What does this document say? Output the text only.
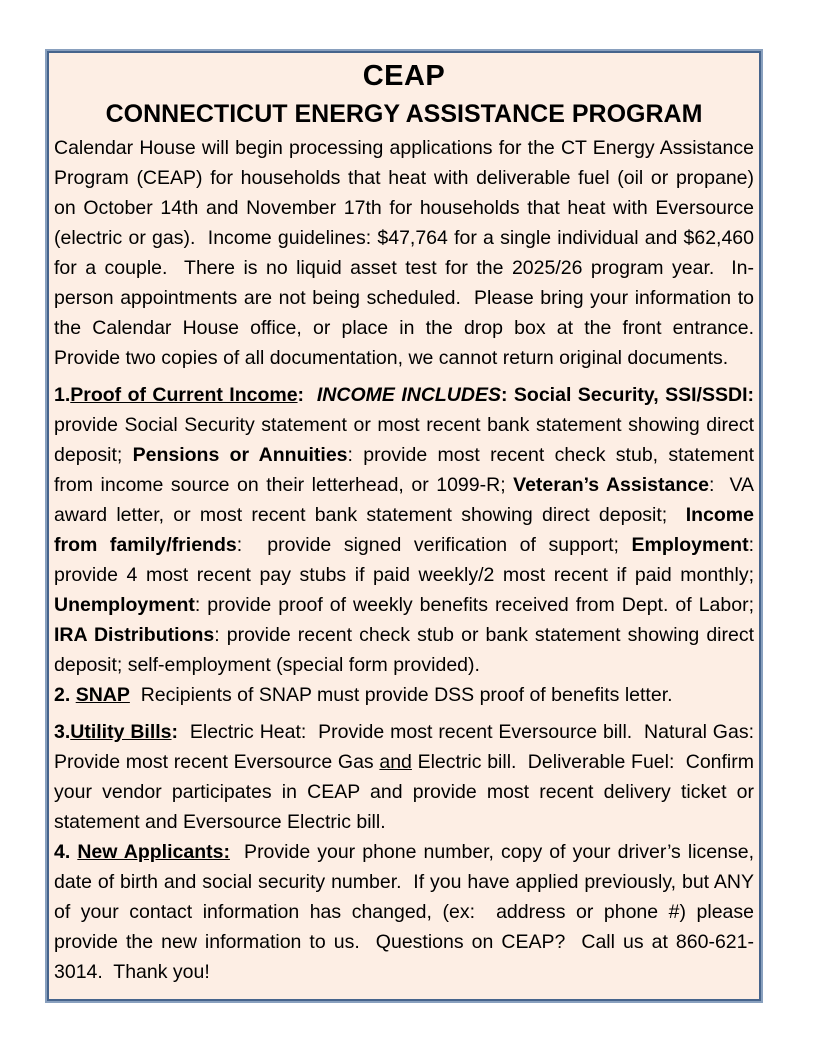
CEAP
CONNECTICUT ENERGY ASSISTANCE PROGRAM

Calendar House will begin processing applications for the CT Energy Assistance Program (CEAP) for households that heat with deliverable fuel (oil or propane) on October 14th and November 17th for households that heat with Eversource (electric or gas).  Income guidelines: $47,764 for a single individual and $62,460 for a couple.  There is no liquid asset test for the 2025/26 program year.  In-person appointments are not being scheduled.  Please bring your information to the Calendar House office, or place in the drop box at the front entrance.  Provide two copies of all documentation, we cannot return original documents.

1.Proof of Current Income:  INCOME INCLUDES: Social Security, SSI/SSDI: provide Social Security statement or most recent bank statement showing direct deposit; Pensions or Annuities: provide most recent check stub, statement from income source on their letterhead, or 1099-R; Veteran’s Assistance:  VA award letter, or most recent bank statement showing direct deposit;  Income from family/friends:  provide signed verification of support; Employment: provide 4 most recent pay stubs if paid weekly/2 most recent if paid monthly; Unemployment: provide proof of weekly benefits received from Dept. of Labor; IRA Distributions: provide recent check stub or bank statement showing direct deposit; self-employment (special form provided).

2. SNAP  Recipients of SNAP must provide DSS proof of benefits letter.

3.Utility Bills:  Electric Heat:  Provide most recent Eversource bill.  Natural Gas: Provide most recent Eversource Gas and Electric bill.  Deliverable Fuel:  Confirm your vendor participates in CEAP and provide most recent delivery ticket or statement and Eversource Electric bill.

4. New Applicants:  Provide your phone number, copy of your driver’s license, date of birth and social security number.  If you have applied previously, but ANY of your contact information has changed, (ex:  address or phone #) please provide the new information to us.  Questions on CEAP?  Call us at 860-621-3014.  Thank you!
